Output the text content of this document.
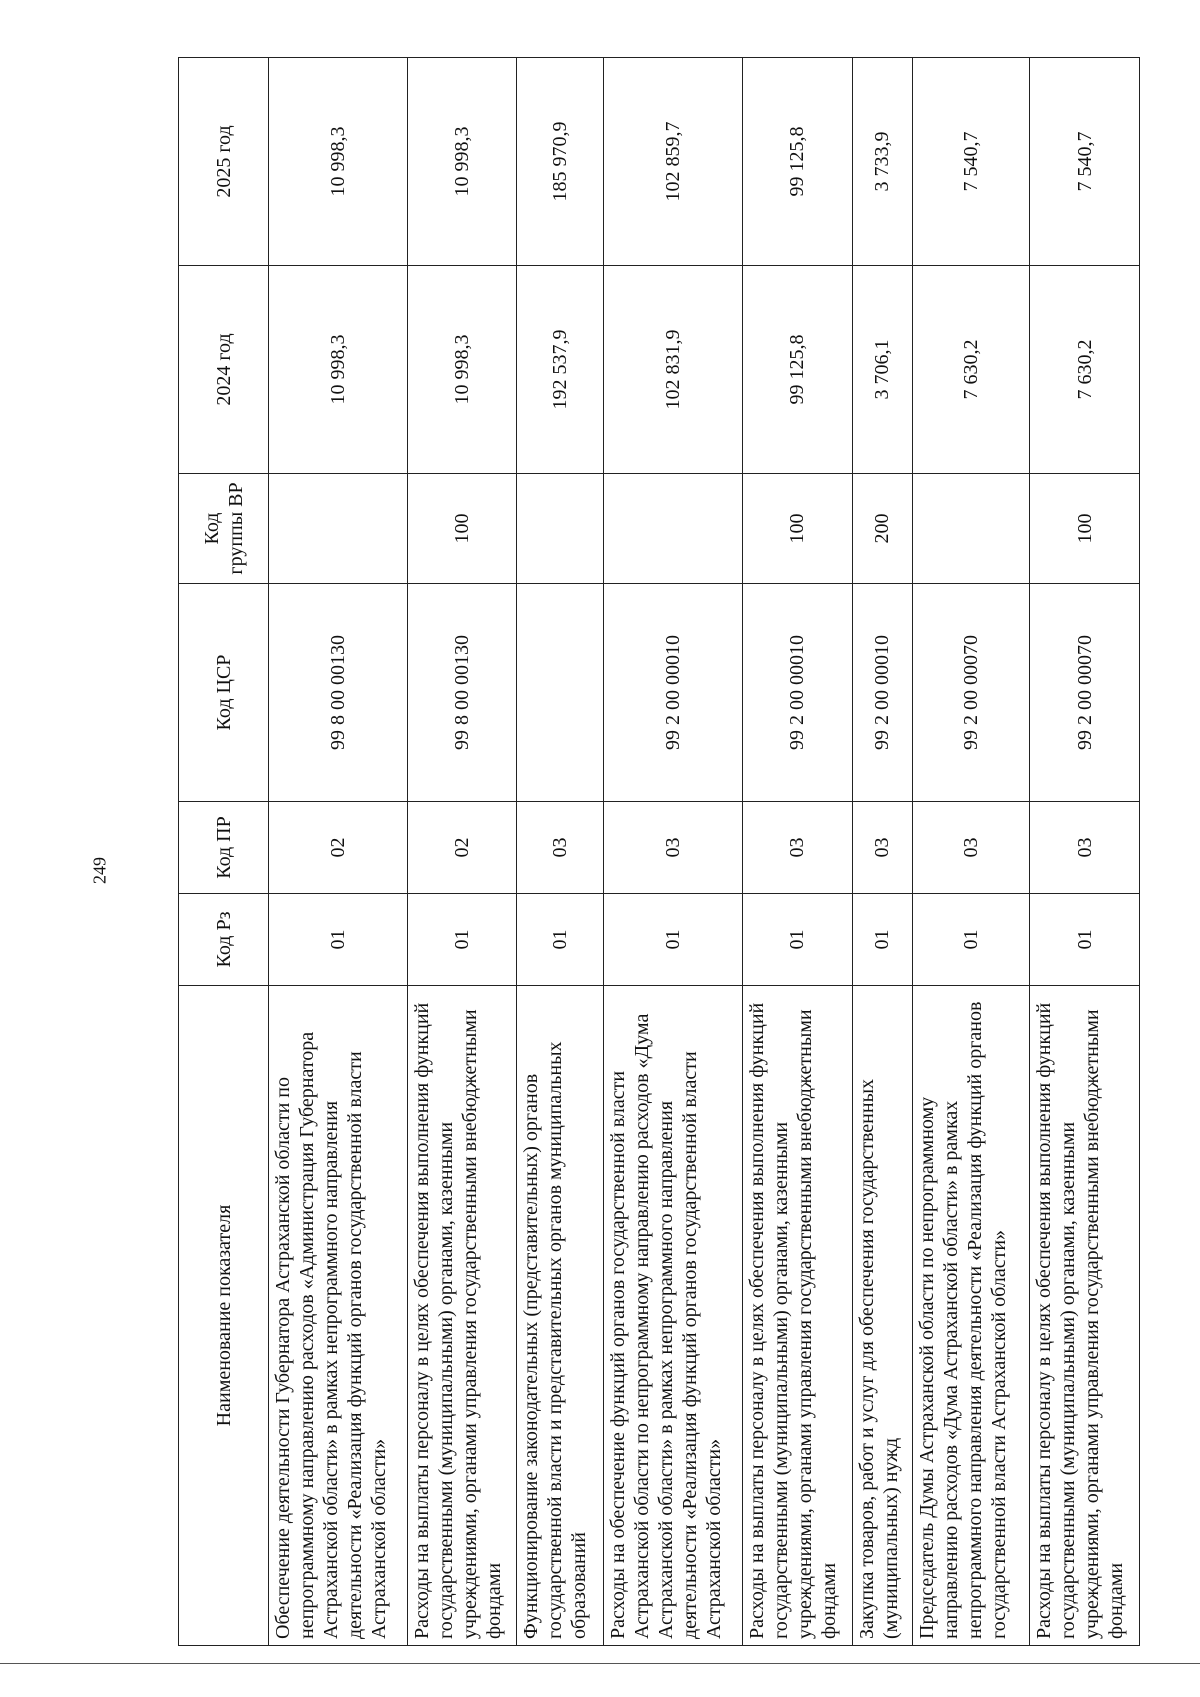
249
Наименование показателя	Код Рз	Код ПР	Код ЦСР	Код группы ВР	2024 год	2025 год
Обеспечение деятельности Губернатора Астраханской области по непрограммному направлению расходов «Администрация Губернатора Астраханской области» в рамках непрограммного направления деятельности «Реализация функций органов государственной власти Астраханской области»	01	02	99 8 00 00130		10 998,3	10 998,3
Расходы на выплаты персоналу в целях обеспечения выполнения функций государственными (муниципальными) органами, казенными учреждениями, органами управления государственными внебюджетными фондами	01	02	99 8 00 00130	100	10 998,3	10 998,3
Функционирование законодательных (представительных) органов государственной власти и представительных органов муниципальных образований	01	03			192 537,9	185 970,9
Расходы на обеспечение функций органов государственной власти Астраханской области по непрограммному направлению расходов «Дума Астраханской области» в рамках непрограммного направления деятельности «Реализация функций органов государственной власти Астраханской области»	01	03	99 2 00 00010		102 831,9	102 859,7
Расходы на выплаты персоналу в целях обеспечения выполнения функций государственными (муниципальными) органами, казенными учреждениями, органами управления государственными внебюджетными фондами	01	03	99 2 00 00010	100	99 125,8	99 125,8
Закупка товаров, работ и услуг для обеспечения государственных (муниципальных) нужд	01	03	99 2 00 00010	200	3 706,1	3 733,9
Председатель Думы Астраханской области по непрограммному направлению расходов «Дума Астраханской области» в рамках непрограммного направления деятельности «Реализация функций органов государственной власти Астраханской области»	01	03	99 2 00 00070		7 630,2	7 540,7
Расходы на выплаты персоналу в целях обеспечения выполнения функций государственными (муниципальными) органами, казенными учреждениями, органами управления государственными внебюджетными фондами	01	03	99 2 00 00070	100	7 630,2	7 540,7
